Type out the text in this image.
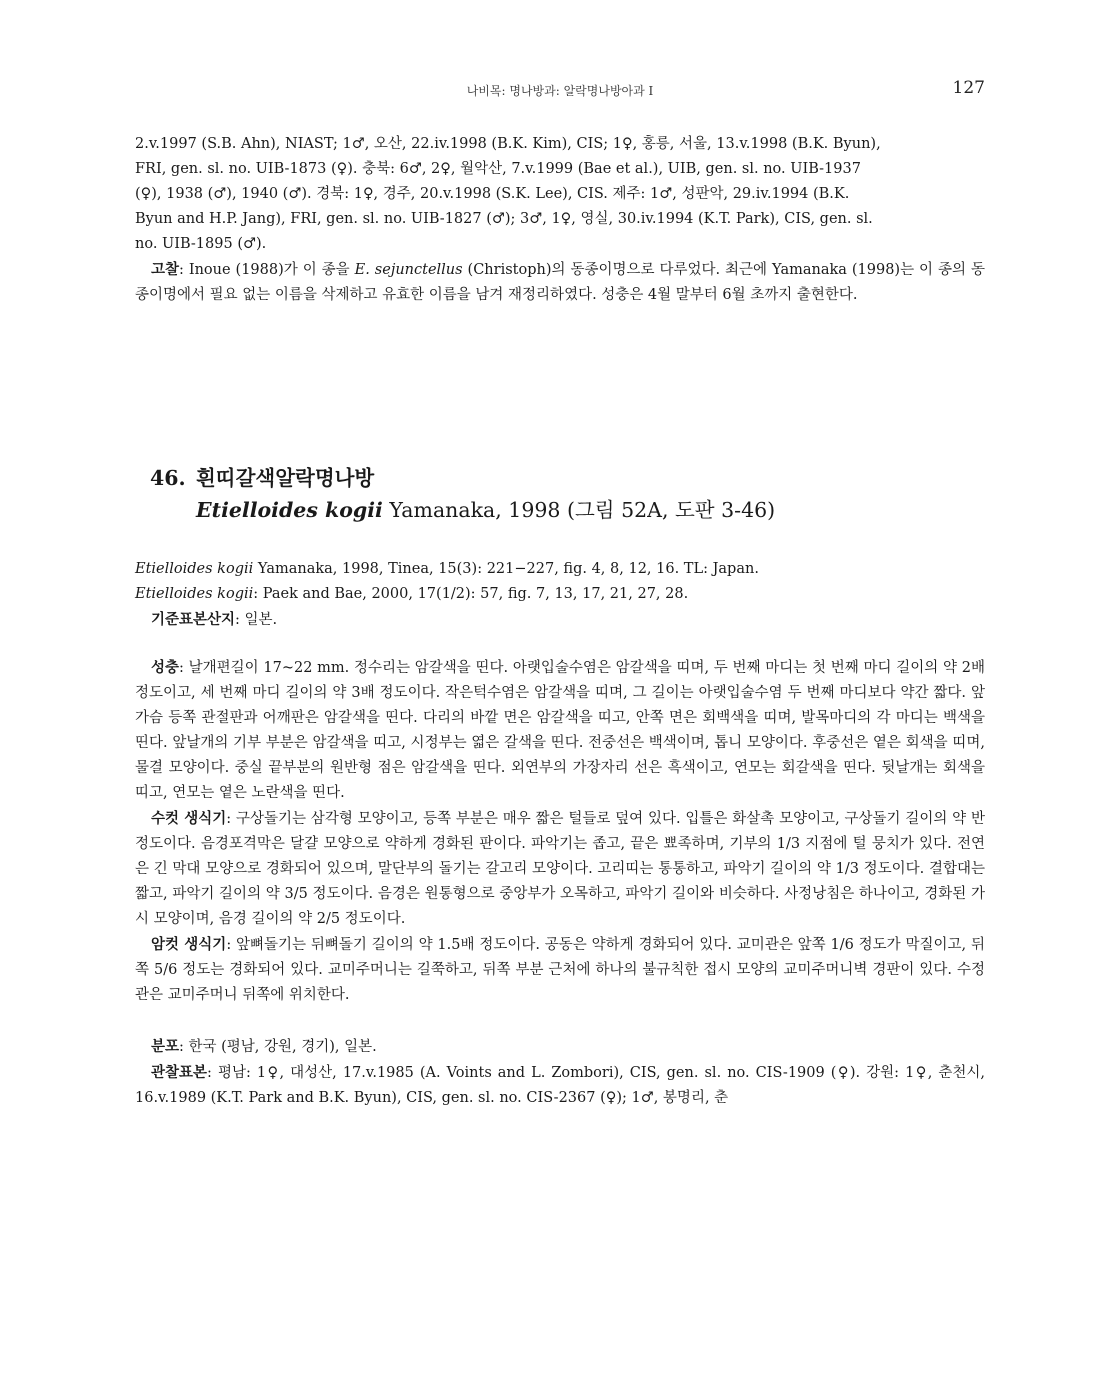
나비목: 명나방과: 알락명나방아과 I	127
2.v.1997 (S.B. Ahn), NIAST; 1♂, 오산, 22.iv.1998 (B.K. Kim), CIS; 1♀, 홍릉, 서울, 13.v.1998 (B.K. Byun),
FRI, gen. sl. no. UIB-1873 (♀). 충북: 6♂, 2♀, 월악산, 7.v.1999 (Bae et al.), UIB, gen. sl. no. UIB-1937
(♀), 1938 (♂), 1940 (♂). 경북: 1♀, 경주, 20.v.1998 (S.K. Lee), CIS. 제주: 1♂, 성판악, 29.iv.1994 (B.K.
Byun and H.P. Jang), FRI, gen. sl. no. UIB-1827 (♂); 3♂, 1♀, 영실, 30.iv.1994 (K.T. Park), CIS, gen. sl.
no. UIB-1895 (♂).

고찰: Inoue (1988)가 이 종을 E. sejunctellus (Christoph)의 동종이명으로 다루었다. 최근에 Yamanaka (1998)는 이 종의 동종이명에서 필요 없는 이름을 삭제하고 유효한 이름을 남겨 재정리하였다. 성충은 4월 말부터 6월 초까지 출현한다.

46. 흰띠갈색알락명나방
Etielloides kogii Yamanaka, 1998 (그림 52A, 도판 3-46)
Etielloides kogii Yamanaka, 1998, Tinea, 15(3): 221−227, fig. 4, 8, 12, 16. TL: Japan.
Etielloides kogii: Paek and Bae, 2000, 17(1/2): 57, fig. 7, 13, 17, 21, 27, 28.
기준표본산지: 일본.

성충: 날개편길이 17~22 mm. 정수리는 암갈색을 띤다. 아랫입술수염은 암갈색을 띠며, 두 번째 마디는 첫 번째 마디 길이의 약 2배 정도이고, 세 번째 마디 길이의 약 3배 정도이다. 작은턱수염은 암갈색을 띠며, 그 길이는 아랫입술수염 두 번째 마디보다 약간 짧다. 앞가슴 등쪽 관절판과 어깨판은 암갈색을 띤다. 다리의 바깥 면은 암갈색을 띠고, 안쪽 면은 회백색을 띠며, 발목마디의 각 마디는 백색을 띤다. 앞날개의 기부 부분은 암갈색을 띠고, 시정부는 엷은 갈색을 띤다. 전중선은 백색이며, 톱니 모양이다. 후중선은 옅은 회색을 띠며, 물결 모양이다. 중실 끝부분의 원반형 점은 암갈색을 띤다. 외연부의 가장자리 선은 흑색이고, 연모는 회갈색을 띤다. 뒷날개는 회색을 띠고, 연모는 옅은 노란색을 띤다.

수컷 생식기: 구상돌기는 삼각형 모양이고, 등쪽 부분은 매우 짧은 털들로 덮여 있다. 입틀은 화살촉 모양이고, 구상돌기 길이의 약 반 정도이다. 음경포격막은 달걀 모양으로 약하게 경화된 판이다. 파악기는 좁고, 끝은 뾰족하며, 기부의 1/3 지점에 털 뭉치가 있다. 전연은 긴 막대 모양으로 경화되어 있으며, 말단부의 돌기는 갈고리 모양이다. 고리띠는 통통하고, 파악기 길이의 약 1/3 정도이다. 결합대는 짧고, 파악기 길이의 약 3/5 정도이다. 음경은 원통형으로 중앙부가 오목하고, 파악기 길이와 비슷하다. 사정낭침은 하나이고, 경화된 가시 모양이며, 음경 길이의 약 2/5 정도이다.

암컷 생식기: 앞뼈돌기는 뒤뼈돌기 길이의 약 1.5배 정도이다. 공동은 약하게 경화되어 있다. 교미관은 앞쪽 1/6 정도가 막질이고, 뒤쪽 5/6 정도는 경화되어 있다. 교미주머니는 길쭉하고, 뒤쪽 부분 근처에 하나의 불규칙한 접시 모양의 교미주머니벽 경판이 있다. 수정관은 교미주머니 뒤쪽에 위치한다.

분포: 한국 (평남, 강원, 경기), 일본.

관찰표본: 평남: 1♀, 대성산, 17.v.1985 (A. Voints and L. Zombori), CIS, gen. sl. no. CIS-1909 (♀). 강원: 1♀, 춘천시, 16.v.1989 (K.T. Park and B.K. Byun), CIS, gen. sl. no. CIS-2367 (♀); 1♂, 봉명리, 춘
